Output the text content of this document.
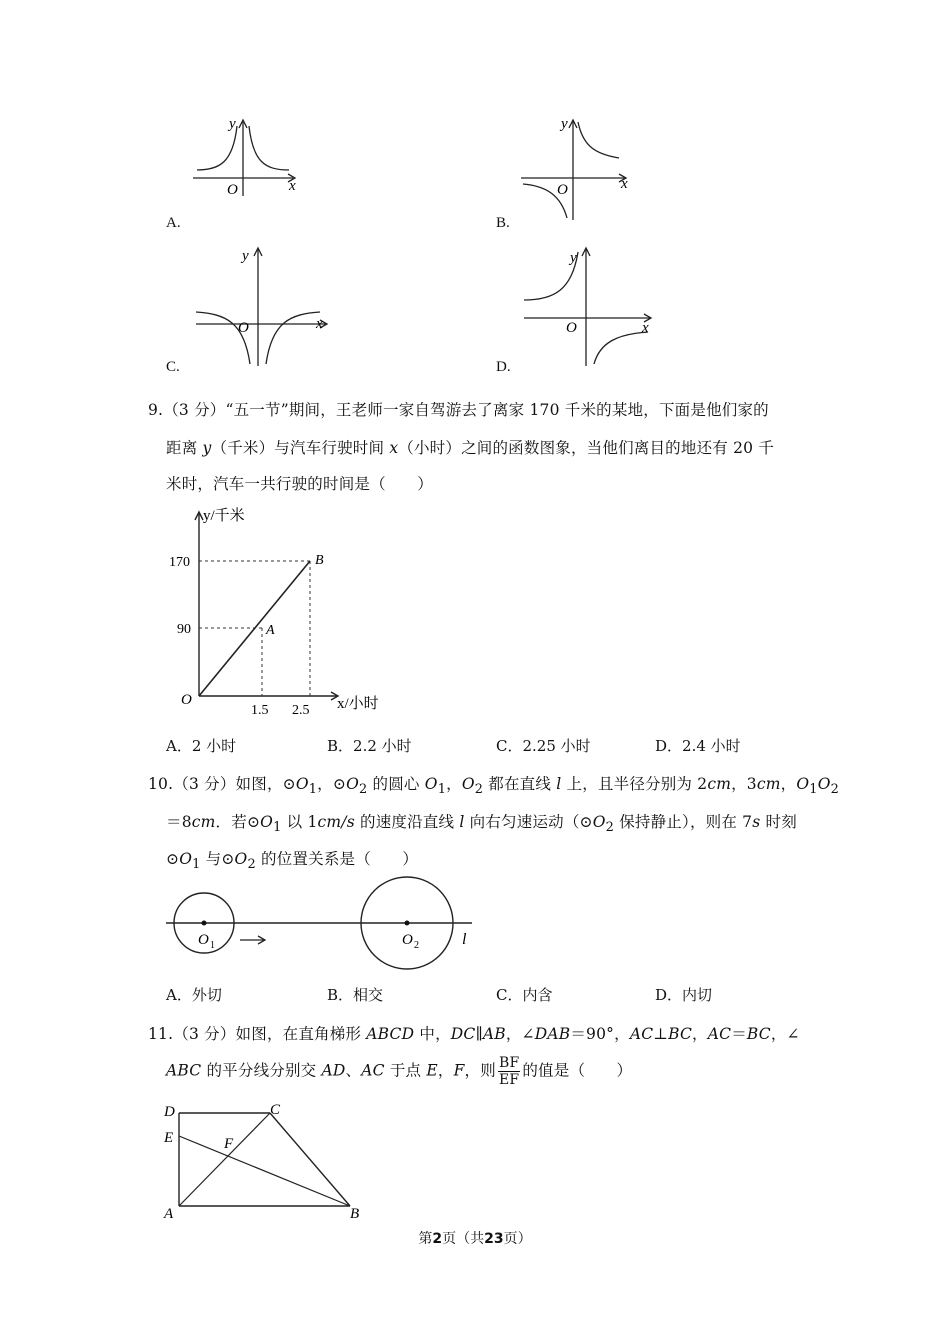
y
x
O
A.
y
x
O
B.
y
x
O
C.
y
x
O
D.
9.（3 分）“五一节”期间，王老师一家自驾游去了离家 170 千米的某地，下面是他们家的
距离 y（千米）与汽车行驶时间 x（小时）之间的函数图象，当他们离目的地还有 20 千
米时，汽车一共行驶的时间是（　　）
y/千米
x/小时
O
170
90
1.5 2.5
A
B
A．2 小时	B．2.2 小时	C．2.25 小时	D．2.4 小时
10.（3 分）如图，$⊙O_1$，$⊙O_2$ 的圆心 $O_1$，$O_2$ 都在直线 l 上，且半径分别为 2cm，3cm，$O_1O_2$
＝8cm．若$⊙O_1$ 以 1cm/s 的速度沿直线 l 向右匀速运动（$⊙O_2$ 保持静止），则在 7s 时刻
$⊙O_1$ 与$⊙O_2$ 的位置关系是（　　）
O 1	O 2	l
A．外切	B．相交	C．内含	D．内切
11.（3 分）如图，在直角梯形 ABCD 中，DC∥AB，∠DAB＝90°，AC⊥BC，AC＝BC，∠
ABC 的平分线分别交 AD、AC 于点 E，F，则 $\frac{BF}{EF}$ 的值是（　　）
D	C
E	F
A	B
第2页（共23页）
